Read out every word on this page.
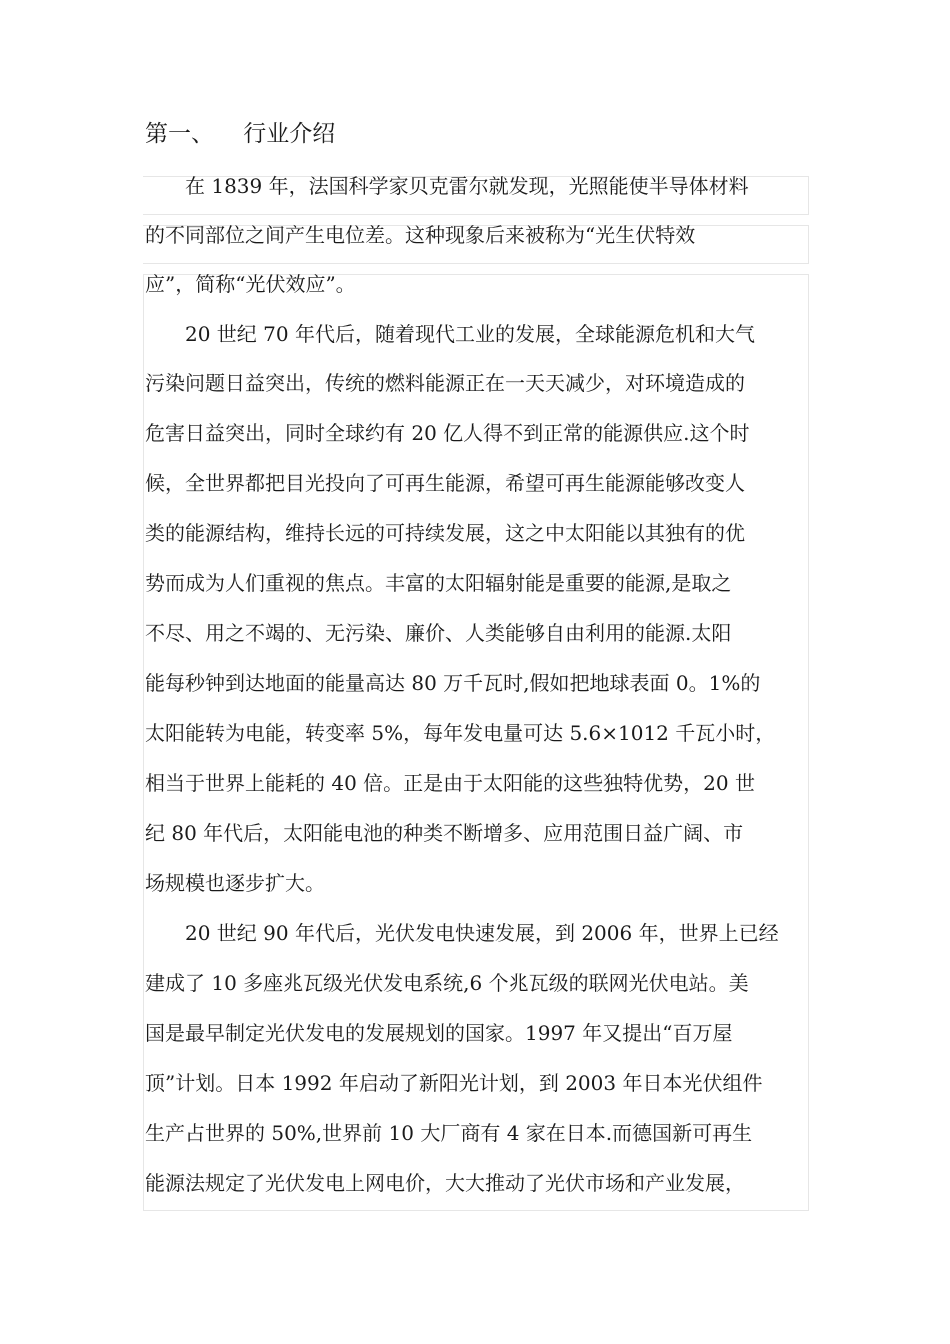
第一、    行业介绍

　　在 1839 年，法国科学家贝克雷尔就发现，光照能使半导体材料

的不同部位之间产生电位差。这种现象后来被称为“光生伏特效

应”，简称“光伏效应”。

　　20 世纪 70 年代后，随着现代工业的发展，全球能源危机和大气

污染问题日益突出，传统的燃料能源正在一天天减少，对环境造成的

危害日益突出，同时全球约有 20 亿人得不到正常的能源供应.这个时

候，全世界都把目光投向了可再生能源，希望可再生能源能够改变人

类的能源结构，维持长远的可持续发展，这之中太阳能以其独有的优

势而成为人们重视的焦点。丰富的太阳辐射能是重要的能源,是取之

不尽、用之不竭的、无污染、廉价、人类能够自由利用的能源.太阳

能每秒钟到达地面的能量高达 80 万千瓦时,假如把地球表面 0。1%的

太阳能转为电能，转变率 5%，每年发电量可达 5.6×1012 千瓦小时，

相当于世界上能耗的 40 倍。正是由于太阳能的这些独特优势，20 世

纪 80 年代后，太阳能电池的种类不断增多、应用范围日益广阔、市

场规模也逐步扩大。

　　20 世纪 90 年代后，光伏发电快速发展，到 2006 年，世界上已经

建成了 10 多座兆瓦级光伏发电系统,6 个兆瓦级的联网光伏电站。美

国是最早制定光伏发电的发展规划的国家。1997 年又提出“百万屋

顶”计划。日本 1992 年启动了新阳光计划，到 2003 年日本光伏组件

生产占世界的 50%,世界前 10 大厂商有 4 家在日本.而德国新可再生

能源法规定了光伏发电上网电价，大大推动了光伏市场和产业发展，
